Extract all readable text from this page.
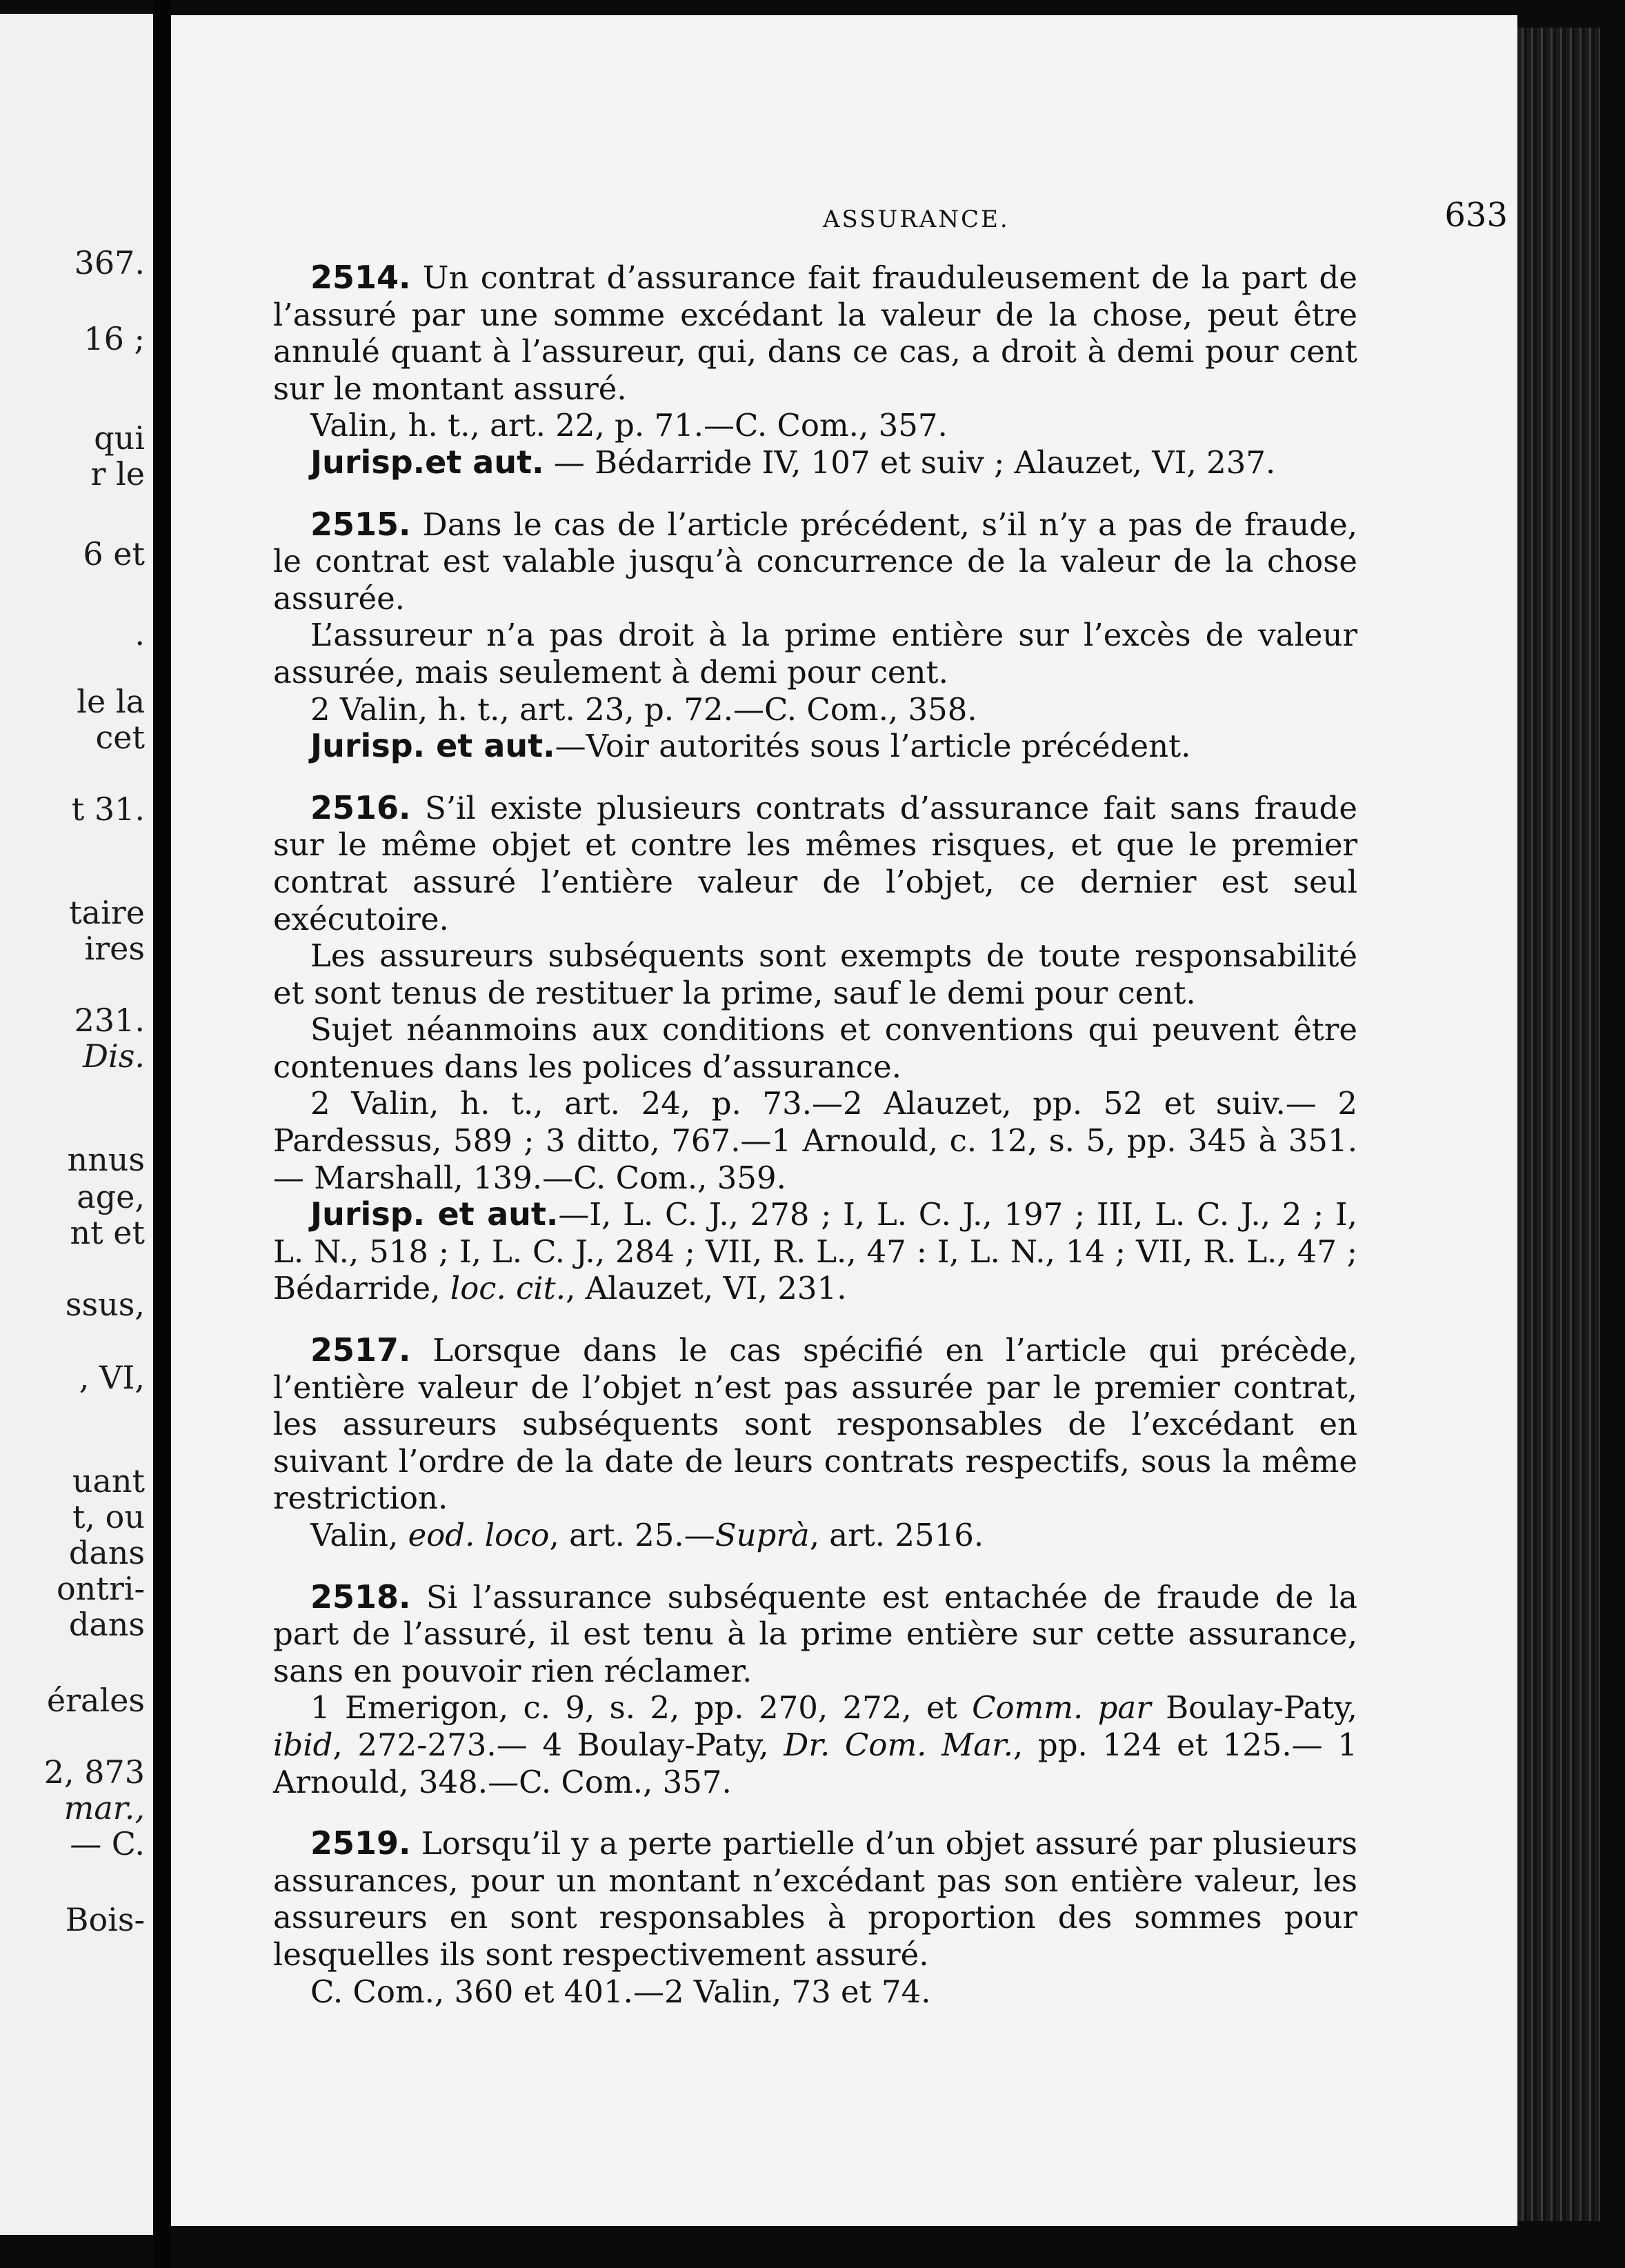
367.
16 ;
qui
r le
6 et
.
le la
cet
t 31.
taire
ires
231.
Dis.
nnus
age,
nt et
ssus,
, VI,
uant
t, ou
dans
ontri-
dans
érales
2, 873
mar.,
— C.
Bois-
ASSURANCE.	633

2514. Un contrat d’assurance fait frauduleusement de la part de l’assuré par une somme excédant la valeur de la chose, peut être annulé quant à l’assureur, qui, dans ce cas, a droit à demi pour cent sur le montant assuré.

Valin, h. t., art. 22, p. 71.—C. Com., 357.

Jurisp.et aut. — Bédarride IV, 107 et suiv ; Alauzet, VI, 237.

2515. Dans le cas de l’article précédent, s’il n’y a pas de fraude, le contrat est valable jusqu’à concurrence de la valeur de la chose assurée.

L’assureur n’a pas droit à la prime entière sur l’excès de valeur assurée, mais seulement à demi pour cent.

2 Valin, h. t., art. 23, p. 72.—C. Com., 358.

Jurisp. et aut.—Voir autorités sous l’article précédent.

2516. S’il existe plusieurs contrats d’assurance fait sans fraude sur le même objet et contre les mêmes risques, et que le premier contrat assuré l’entière valeur de l’objet, ce dernier est seul exécutoire.

Les assureurs subséquents sont exempts de toute responsabilité et sont tenus de restituer la prime, sauf le demi pour cent.

Sujet néanmoins aux conditions et conventions qui peuvent être contenues dans les polices d’assurance.

2 Valin, h. t., art. 24, p. 73.—2 Alauzet, pp. 52 et suiv.— 2 Pardessus, 589 ; 3 ditto, 767.—1 Arnould, c. 12, s. 5, pp. 345 à 351.— Marshall, 139.—C. Com., 359.

Jurisp. et aut.—I, L. C. J., 278 ; I, L. C. J., 197 ; III, L. C. J., 2 ; I, L. N., 518 ; I, L. C. J., 284 ; VII, R. L., 47 : I, L. N., 14 ; VII, R. L., 47 ; Bédarride, loc. cit., Alauzet, VI, 231.

2517. Lorsque dans le cas spécifié en l’article qui précède, l’entière valeur de l’objet n’est pas assurée par le premier contrat, les assureurs subséquents sont responsables de l’excédant en suivant l’ordre de la date de leurs contrats respectifs, sous la même restriction.

Valin, eod. loco, art. 25.—Suprà, art. 2516.

2518. Si l’assurance subséquente est entachée de fraude de la part de l’assuré, il est tenu à la prime entière sur cette assurance, sans en pouvoir rien réclamer.

1 Emerigon, c. 9, s. 2, pp. 270, 272, et Comm. par Boulay-Paty, ibid, 272-273.— 4 Boulay-Paty, Dr. Com. Mar., pp. 124 et 125.— 1 Arnould, 348.—C. Com., 357.

2519. Lorsqu’il y a perte partielle d’un objet assuré par plusieurs assurances, pour un montant n’excédant pas son entière valeur, les assureurs en sont responsables à proportion des sommes pour lesquelles ils sont respectivement assuré.

C. Com., 360 et 401.—2 Valin, 73 et 74.
